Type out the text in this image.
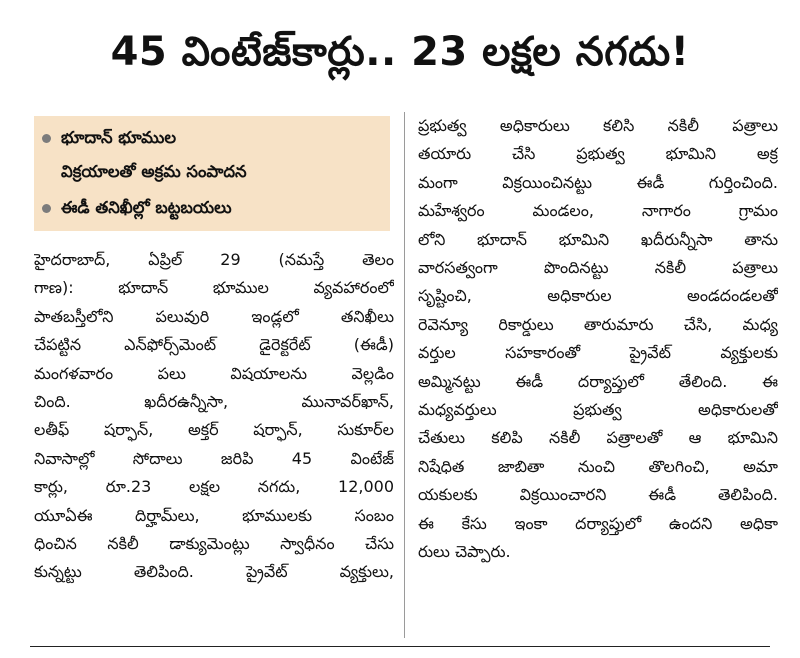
45 వింటేజ్‌కార్లు.. 23 లక్షల నగదు!
భూదాన్ భూముల
విక్రయాలతో అక్రమ సంపాదన
ఈడీ తనిఖీల్లో బట్టబయలు
హైదరాబాద్, ఏప్రిల్ 29 (నమస్తే తెలం
గాణ): భూదాన్ భూముల వ్యవహారంలో
పాతబస్తీలోని పలువురి ఇండ్లలో తనిఖీలు
చేపట్టిన ఎన్‌ఫోర్స్‌మెంట్ డైరెక్టరేట్ (ఈడీ)
మంగళవారం పలు విషయాలను వెల్లడిం
చింది. ఖదీరఉన్నీసా, మునావర్‌ఖాన్,
లతీఫ్ షర్ఫాన్, అక్తర్ షర్ఫాన్, సుకూర్‌ల
నివాసాల్లో సోదాలు జరిపి 45 వింటేజ్
కార్లు, రూ.23 లక్షల నగదు, 12,000
యూఏఈ దిర్హామ్‌లు, భూములకు సంబం
ధించిన నకిలీ డాక్యుమెంట్లు స్వాధీనం చేసు
కున్నట్టు తెలిపింది. ప్రైవేట్ వ్యక్తులు,
ప్రభుత్వ అధికారులు కలిసి నకిలీ పత్రాలు
తయారు చేసి ప్రభుత్వ భూమిని అక్ర
మంగా విక్రయించినట్టు ఈడీ గుర్తించింది.
మహేశ్వరం మండలం, నాగారం గ్రామం
లోని భూదాన్ భూమిని ఖదీరున్నీసా తాను
వారసత్వంగా పొందినట్టు నకిలీ పత్రాలు
సృష్టించి, అధికారుల అండదండలతో
రెవెన్యూ రికార్డులు తారుమారు చేసి, మధ్య
వర్తుల సహకారంతో ప్రైవేట్ వ్యక్తులకు
అమ్మినట్టు ఈడీ దర్యాప్తులో తేలింది. ఈ
మధ్యవర్తులు ప్రభుత్వ అధికారులతో
చేతులు కలిపి నకిలీ పత్రాలతో ఆ భూమిని
నిషేధిత జాబితా నుంచి తొలగించి, అమా
యకులకు విక్రయించారని ఈడీ తెలిపింది.
ఈ కేసు ఇంకా దర్యాప్తులో ఉందని అధికా
రులు చెప్పారు.
